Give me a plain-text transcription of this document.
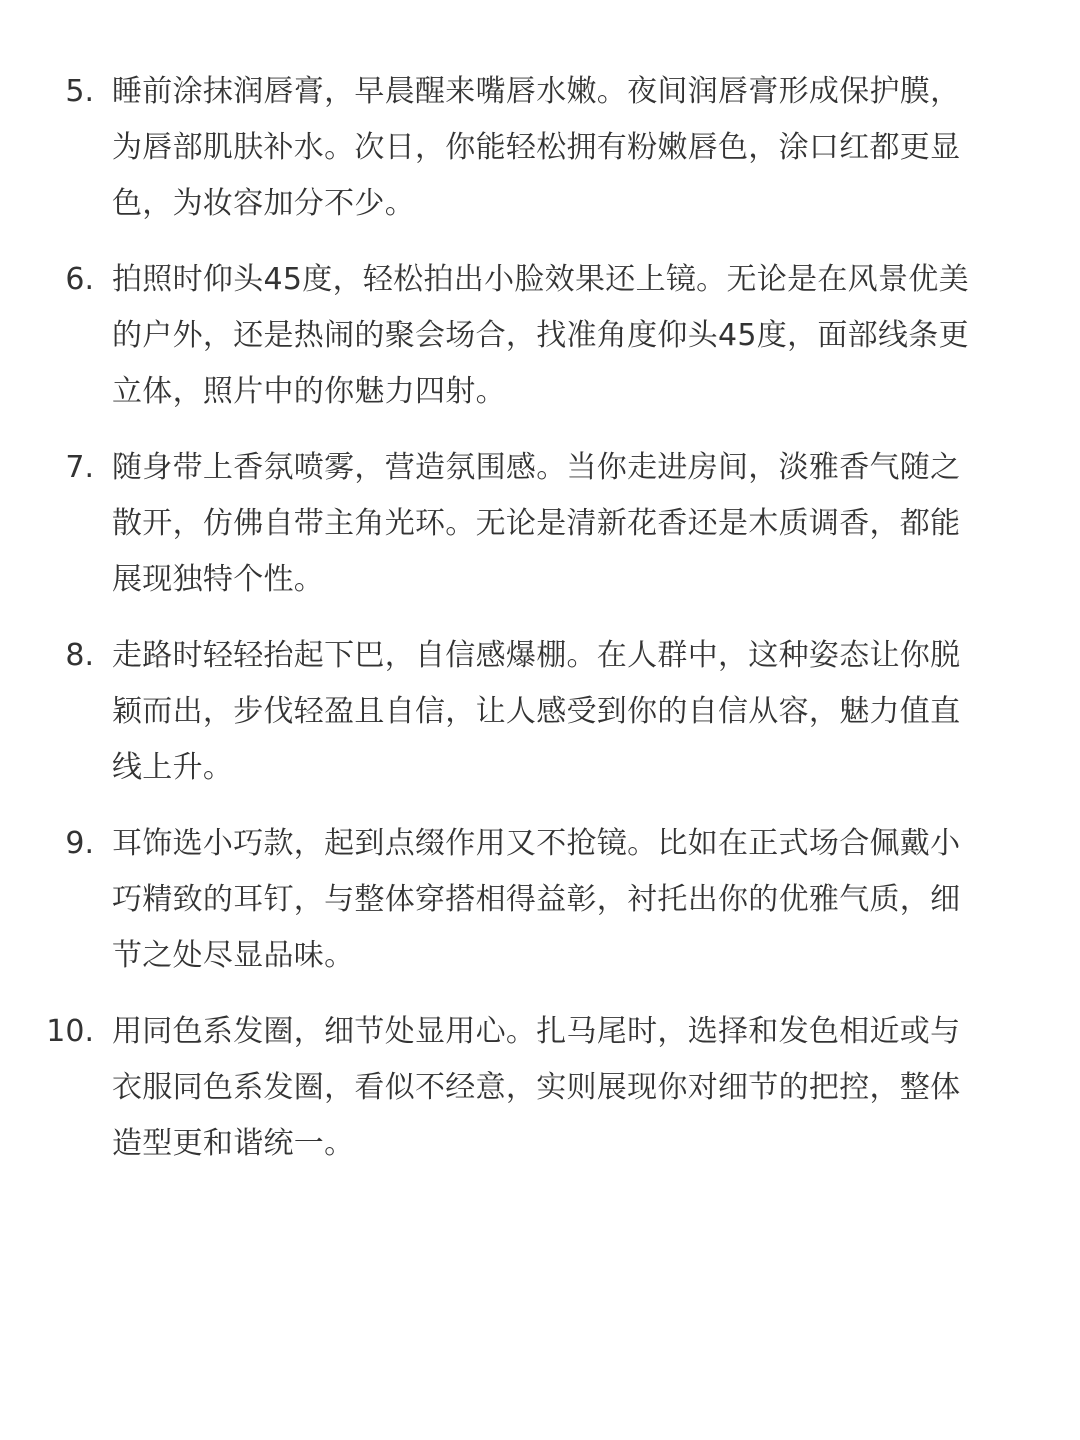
5. 睡前涂抹润唇膏，早晨醒来嘴唇水嫩。夜间润唇膏形成保护膜，
为唇部肌肤补水。次日，你能轻松拥有粉嫩唇色，涂口红都更显
色，为妆容加分不少。
6. 拍照时仰头45度，轻松拍出小脸效果还上镜。无论是在风景优美
的户外，还是热闹的聚会场合，找准角度仰头45度，面部线条更
立体，照片中的你魅力四射。
7. 随身带上香氛喷雾，营造氛围感。当你走进房间，淡雅香气随之
散开，仿佛自带主角光环。无论是清新花香还是木质调香，都能
展现独特个性。
8. 走路时轻轻抬起下巴，自信感爆棚。在人群中，这种姿态让你脱
颖而出，步伐轻盈且自信，让人感受到你的自信从容，魅力值直
线上升。
9. 耳饰选小巧款，起到点缀作用又不抢镜。比如在正式场合佩戴小
巧精致的耳钉，与整体穿搭相得益彰，衬托出你的优雅气质，细
节之处尽显品味。
10. 用同色系发圈，细节处显用心。扎马尾时，选择和发色相近或与
衣服同色系发圈，看似不经意，实则展现你对细节的把控，整体
造型更和谐统一。
